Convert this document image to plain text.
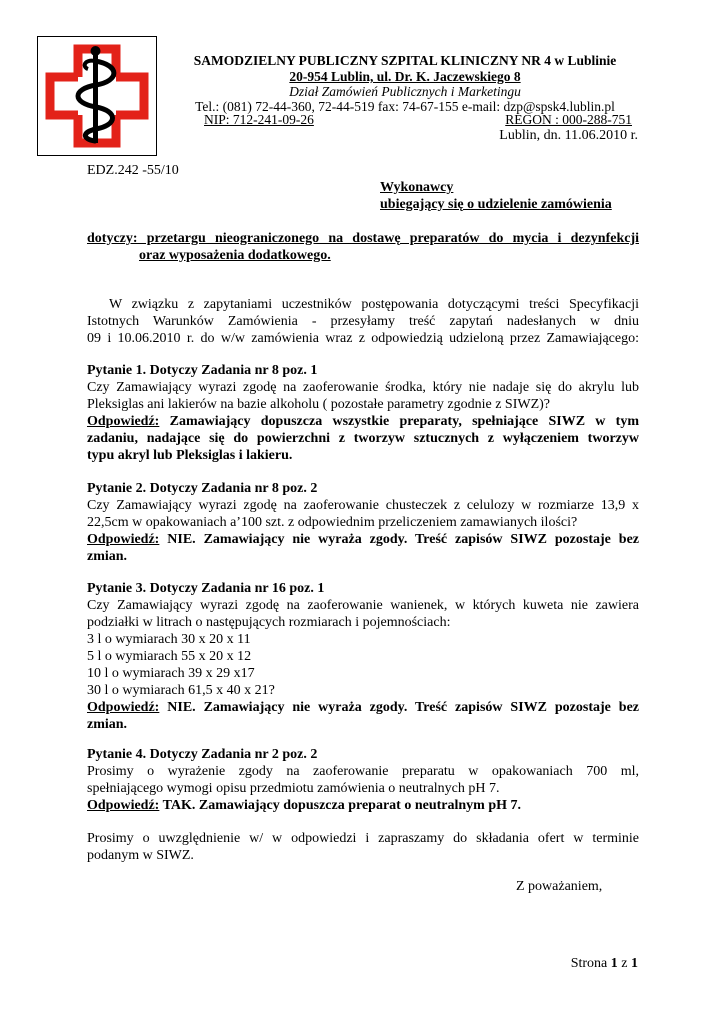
SAMODZIELNY PUBLICZNY SZPITAL KLINICZNY NR 4 w Lublinie
20-954 Lublin, ul. Dr. K. Jaczewskiego 8
Dział Zamówień Publicznych i Marketingu
Tel.: (081) 72-44-360, 72-44-519 fax: 74-67-155 e-mail: dzp@spsk4.lublin.pl
NIP: 712-241-09-26	REGON : 000-288-751
Lublin, dn. 11.06.2010 r.
EDZ.242 -55/10
Wykonawcy
ubiegający się o udzielenie zamówienia
dotyczy: przetargu nieograniczonego na dostawę preparatów do mycia i dezynfekcji
oraz wyposażenia dodatkowego.
W związku z zapytaniami uczestników postępowania dotyczącymi treści Specyfikacji
Istotnych Warunków Zamówienia - przesyłamy treść zapytań nadesłanych w dniu
09 i 10.06.2010 r. do w/w zamówienia wraz z odpowiedzią udzieloną przez Zamawiającego:
Pytanie 1. Dotyczy Zadania nr 8 poz. 1
Czy Zamawiający wyrazi zgodę na zaoferowanie środka, który nie nadaje się do akrylu lub
Pleksiglas ani lakierów na bazie alkoholu ( pozostałe parametry zgodnie z SIWZ)?
Odpowiedź: Zamawiający dopuszcza wszystkie preparaty, spełniające SIWZ w tym
zadaniu, nadające się do powierzchni z tworzyw sztucznych z wyłączeniem tworzyw
typu akryl lub Pleksiglas i lakieru.
Pytanie 2. Dotyczy Zadania nr 8 poz. 2
Czy Zamawiający wyrazi zgodę na zaoferowanie chusteczek z celulozy w rozmiarze 13,9 x
22,5cm w opakowaniach a’100 szt. z odpowiednim przeliczeniem zamawianych ilości?
Odpowiedź: NIE. Zamawiający nie wyraża zgody. Treść zapisów SIWZ pozostaje bez
zmian.
Pytanie 3. Dotyczy Zadania nr 16 poz. 1
Czy Zamawiający wyrazi zgodę na zaoferowanie wanienek, w których kuweta nie zawiera
podziałki w litrach o następujących rozmiarach i pojemnościach:
3 l o wymiarach 30 x 20 x 11
5 l o wymiarach 55 x 20 x 12
10 l o wymiarach 39 x 29 x17
30 l o wymiarach 61,5 x 40 x 21?
Odpowiedź: NIE. Zamawiający nie wyraża zgody. Treść zapisów SIWZ pozostaje bez
zmian.
Pytanie 4. Dotyczy Zadania nr 2 poz. 2
Prosimy o wyrażenie zgody na zaoferowanie preparatu w opakowaniach 700 ml,
spełniającego wymogi opisu przedmiotu zamówienia o neutralnych pH 7.
Odpowiedź: TAK. Zamawiający dopuszcza preparat o neutralnym pH 7.
Prosimy o uwzględnienie w/ w odpowiedzi i zapraszamy do składania ofert w terminie
podanym w SIWZ.
Z poważaniem,
Strona 1 z 1
